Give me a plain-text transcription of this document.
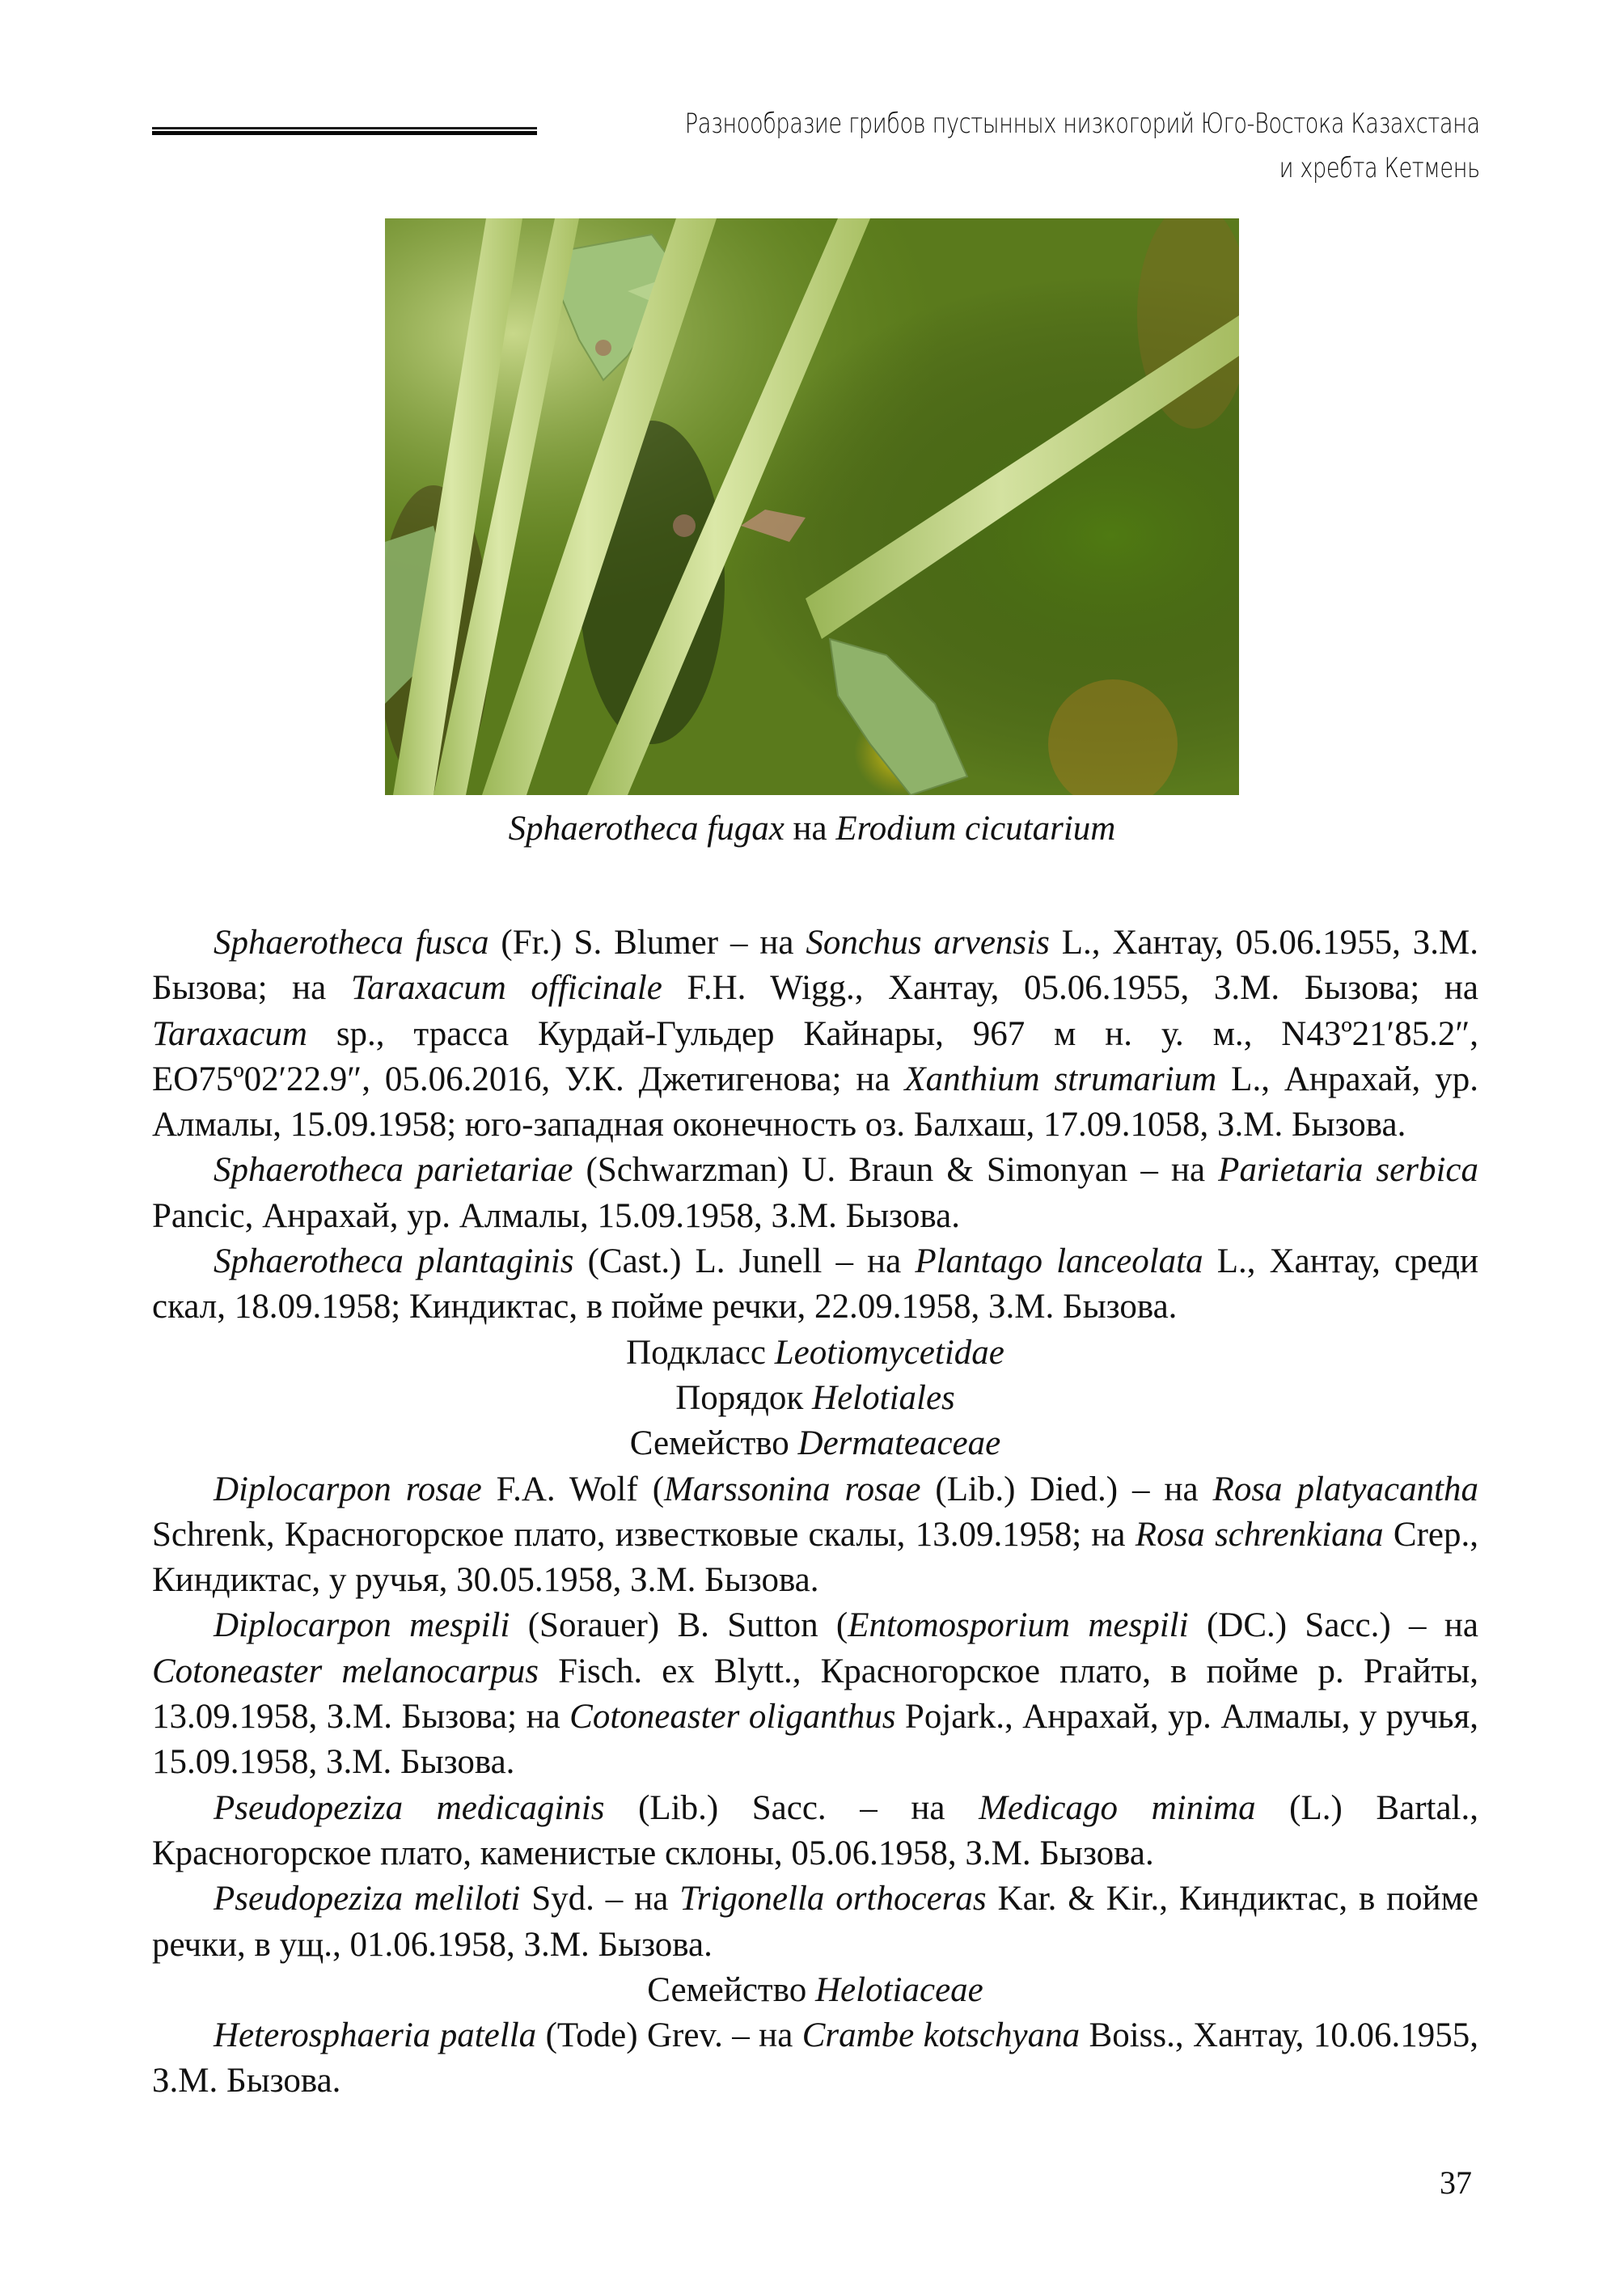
Разнообразие грибов пустынных низкогорий Юго-Востока Казахстана
и хребта Кетмень
Sphaerotheca fugax на Erodium cicutarium

Sphaerotheca fusca (Fr.) S. Blumer – на Sonchus arvensis L., Хантау, 05.06.1955, З.М. Бызова; на Taraxacum officinale F.H. Wigg., Хантау, 05.06.1955, З.М. Бызова; на Taraxacum sp., трасса Курдай-Гульдер Кайнары, 967 м н. у. м., N43º21′85.2″, EO75º02′22.9″, 05.06.2016, У.К. Джетигенова; на Xanthium strumarium L., Анрахай, ур. Алмалы, 15.09.1958; юго-западная оконечность оз. Балхаш, 17.09.1058, З.М. Бызова.

Sphaerotheca parietariae (Schwarzman) U. Braun & Simonyan – на Parietaria serbica Pancic, Анрахай, ур. Алмалы, 15.09.1958, З.М. Бызова.

Sphaerotheca plantaginis (Cast.) L. Junell – на Plantago lanceolata L., Хантау, среди скал, 18.09.1958; Киндиктас, в пойме речки, 22.09.1958, З.М. Бызова.

Подкласс Leotiomycetidae

Порядок Helotiales

Семейство Dermateaceae

Diplocarpon rosae F.A. Wolf (Marssonina rosae (Lib.) Died.) – на Rosa platyacantha Schrenk, Красногорское плато, известковые скалы, 13.09.1958; на Rosa schrenkiana Crep., Киндиктас, у ручья, 30.05.1958, З.М. Бызова.

Diplocarpon mespili (Sorauer) B. Sutton (Entomosporium mespili (DC.) Sacc.) – на Cotoneaster melanocarpus Fisch. ex Blytt., Красногорское плато, в пойме р. Ргайты, 13.09.1958, З.М. Бызова; на Cotoneaster oliganthus Pojark., Анрахай, ур. Алмалы, у ручья, 15.09.1958, З.М. Бызова.

Pseudopeziza medicaginis (Lib.) Sacc. – на Medicago minima (L.) Bartal., Красногорское плато, каменистые склоны, 05.06.1958, З.М. Бызова.

Pseudopeziza meliloti Syd. – на Trigonella orthoceras Kar. & Kir., Киндиктас, в пойме речки, в ущ., 01.06.1958, З.М. Бызова.

Семейство Helotiaceae

Heterosphaeria patella (Tode) Grev. – на Crambe kotschyana Boiss., Хантау, 10.06.1955, З.М. Бызова.

37
